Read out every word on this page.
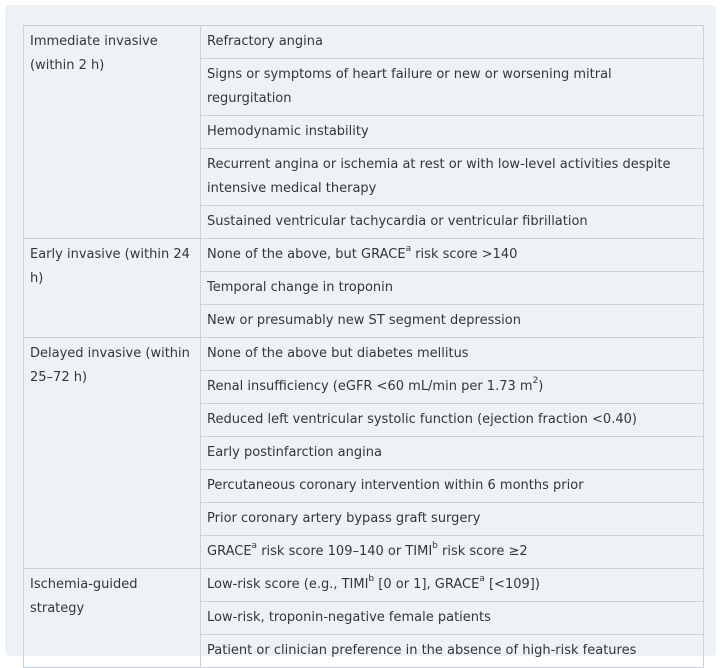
Immediate invasive (within 2 h)	Refractory angina
	Signs or symptoms of heart failure or new or worsening mitral regurgitation
	Hemodynamic instability
	Recurrent angina or ischemia at rest or with low-level activities despite intensive medical therapy
	Sustained ventricular tachycardia or ventricular fibrillation
Early invasive (within 24 h)	None of the above, but GRACE$^a$ risk score >140
	Temporal change in troponin
	New or presumably new ST segment depression
Delayed invasive (within 25–72 h)	None of the above but diabetes mellitus
	Renal insufficiency (eGFR <60 mL/min per 1.73 $m^2$)
	Reduced left ventricular systolic function (ejection fraction <0.40)
	Early postinfarction angina
	Percutaneous coronary intervention within 6 months prior
	Prior coronary artery bypass graft surgery
	GRACE$^a$ risk score 109–140 or TIMI$^b$ risk score ≥2
Ischemia-guided strategy	Low-risk score (e.g., TIMI$^b$ [0 or 1], GRACE$^a$ [<109])
	Low-risk, troponin-negative female patients
	Patient or clinician preference in the absence of high-risk features
